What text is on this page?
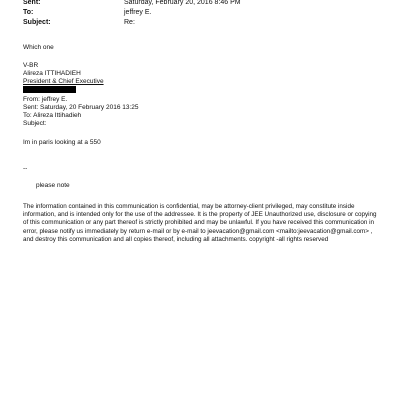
Sent:	Saturday, February 20, 2016 8:46 PM
To:	jeffrey E.
Subject:	Re:
Which one
V-BR
Alireza ITTIHADIEH
President & Chief Executive
From: jeffrey E.
Sent: Saturday, 20 February 2016 13:25
To: Alireza Ittihadieh
Subject:
Im in paris looking at a 550
--
please note
The information contained in this communication is confidential, may be attorney-client privileged, may constitute inside information, and is intended only for the use of the addressee. It is the property of JEE Unauthorized use, disclosure or copying of this communication or any part thereof is strictly prohibited and may be unlawful. If you have received this communication in error, please notify us immediately by return e-mail or by e-mail to jeevacation@gmail.com <mailto:jeevacation@gmail.com> , and destroy this communication and all copies thereof, including all attachments. copyright -all rights reserved
